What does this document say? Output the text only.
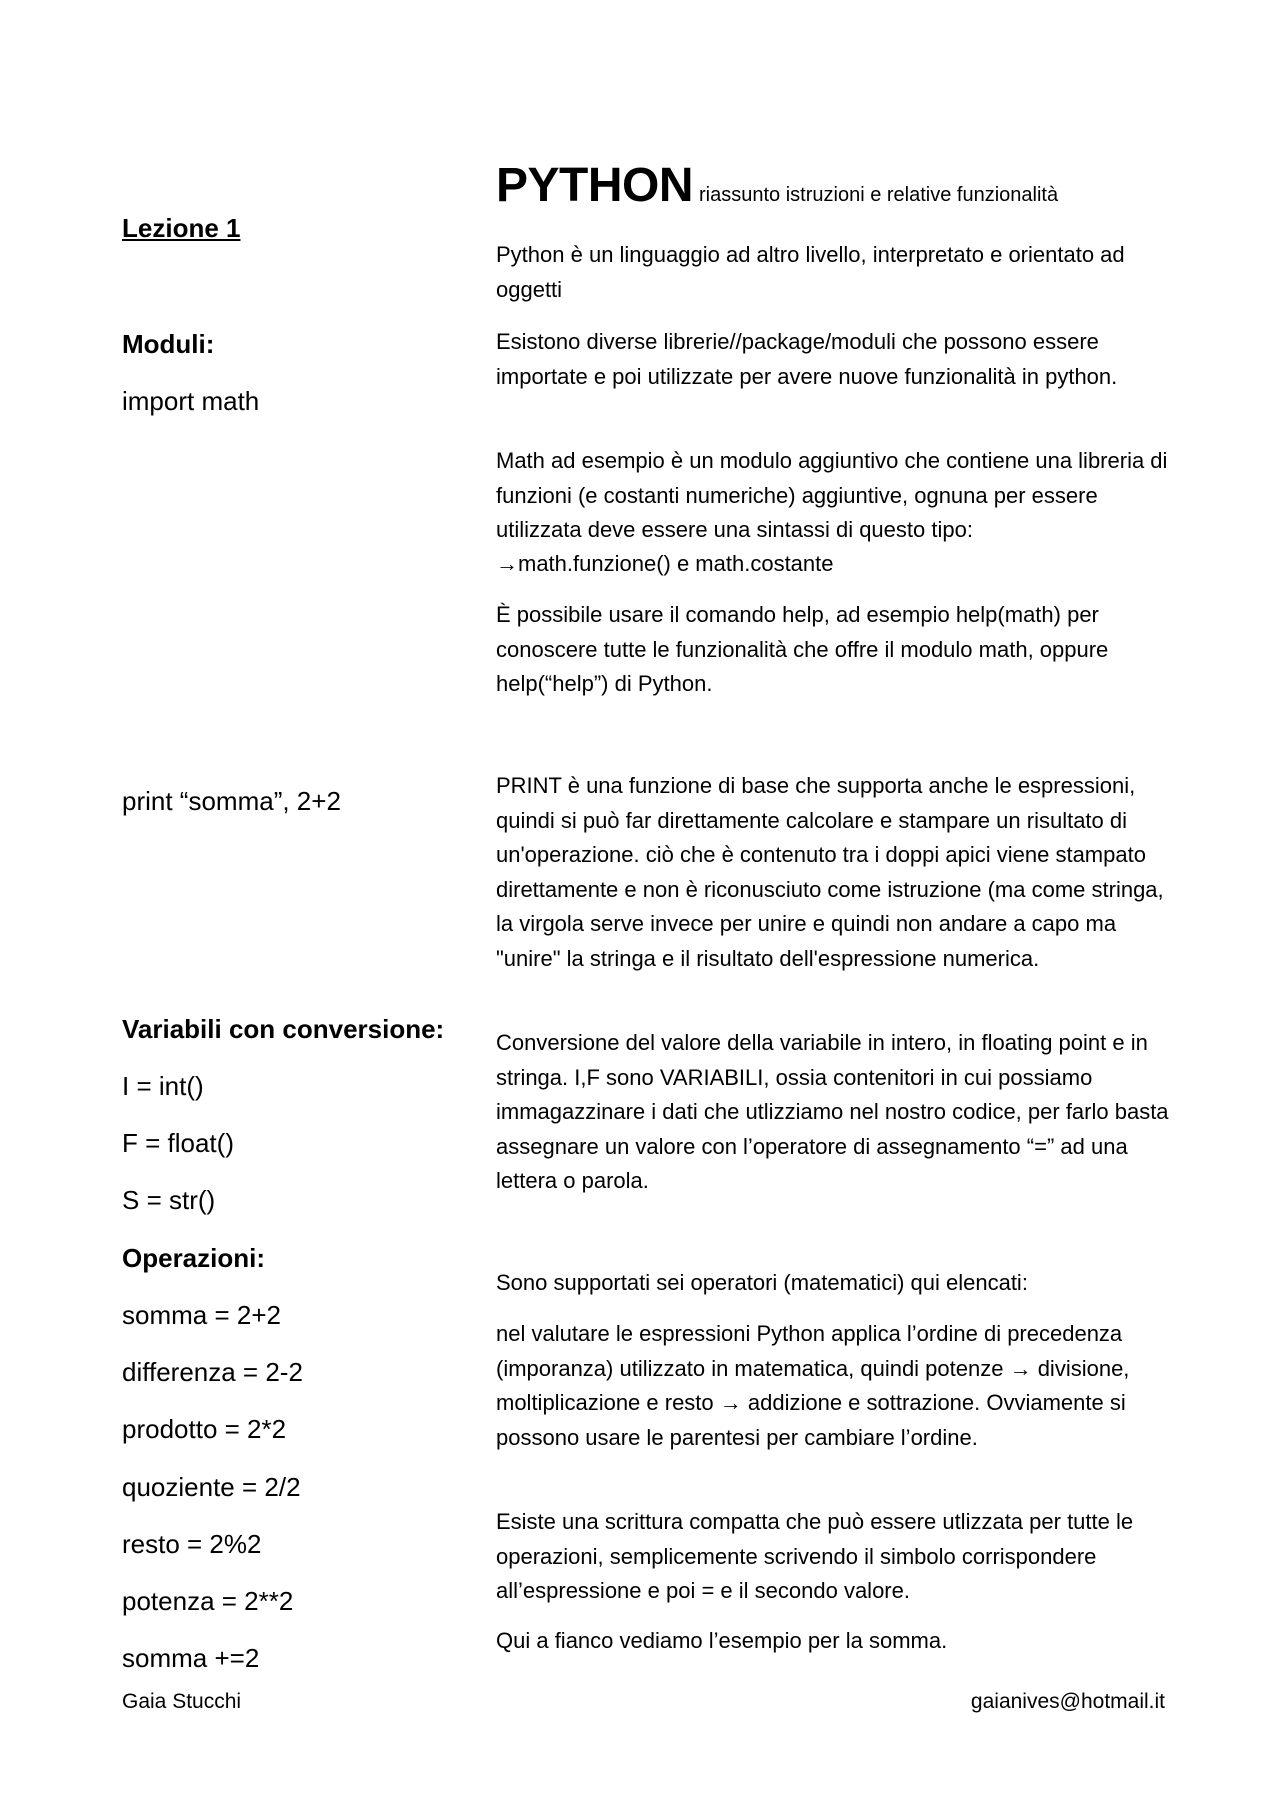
PYTHON riassunto istruzioni e relative funzionalità
Lezione 1
Moduli:
import math
print “somma”, 2+2
Variabili con conversione:
I = int()
F = float()
S = str()
Operazioni:
somma = 2+2
differenza = 2-2
prodotto = 2*2
quoziente = 2/2
resto = 2%2
potenza = 2**2
somma +=2
Python è un linguaggio ad altro livello, interpretato e orientato ad oggetti
Esistono diverse librerie//package/moduli che possono essere importate e poi utilizzate per avere nuove funzionalità in python.
Math ad esempio è un modulo aggiuntivo che contiene una libreria di funzioni (e costanti numeriche) aggiuntive, ognuna per essere utilizzata deve essere una sintassi di questo tipo:
→math.funzione() e math.costante
È possibile usare il comando help, ad esempio help(math) per conoscere tutte le funzionalità che offre il modulo math, oppure help(“help”) di Python.
PRINT è una funzione di base che supporta anche le espressioni, quindi si può far direttamente calcolare e stampare un risultato di un'operazione. ciò che è contenuto tra i doppi apici viene stampato direttamente e non è riconusciuto come istruzione (ma come stringa, la virgola serve invece per unire e quindi non andare a capo ma "unire" la stringa e il risultato dell'espressione numerica.
Conversione del valore della variabile in intero, in floating point e in stringa. I,F sono VARIABILI, ossia contenitori in cui possiamo immagazzinare i dati che utlizziamo nel nostro codice, per farlo basta assegnare un valore con l’operatore di assegnamento “=” ad una lettera o parola.
Sono supportati sei operatori (matematici) qui elencati:
nel valutare le espressioni Python applica l’ordine di precedenza (imporanza) utilizzato in matematica, quindi potenze → divisione, moltiplicazione e resto → addizione e sottrazione. Ovviamente si possono usare le parentesi per cambiare l’ordine.
Esiste una scrittura compatta che può essere utlizzata per tutte le operazioni, semplicemente scrivendo il simbolo corrispondere all’espressione e poi = e il secondo valore.
Qui a fianco vediamo l’esempio per la somma.
Gaia Stucchi	gaianives@hotmail.it
